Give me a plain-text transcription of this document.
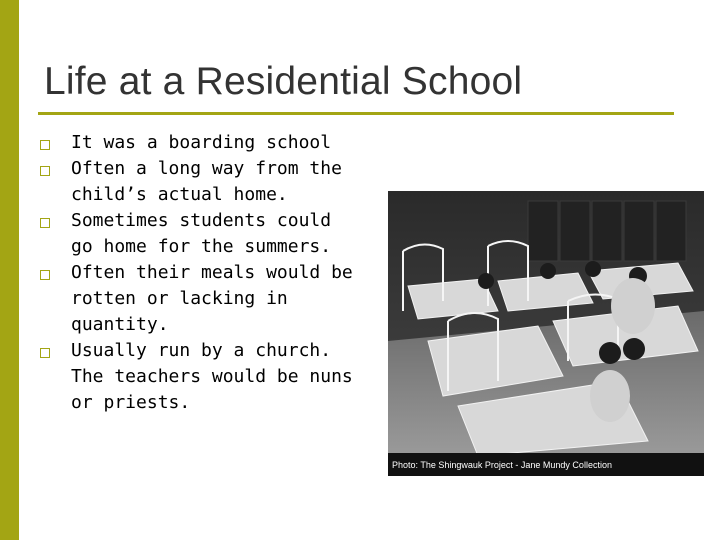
Life at a Residential School
It was a boarding school
Often a long way from the child’s actual home.
Sometimes students could go home for the summers.
Often their meals would be rotten or lacking in quantity.
Usually run by a church. The teachers would be nuns or priests.
Photo: The Shingwauk Project - Jane Mundy Collection
